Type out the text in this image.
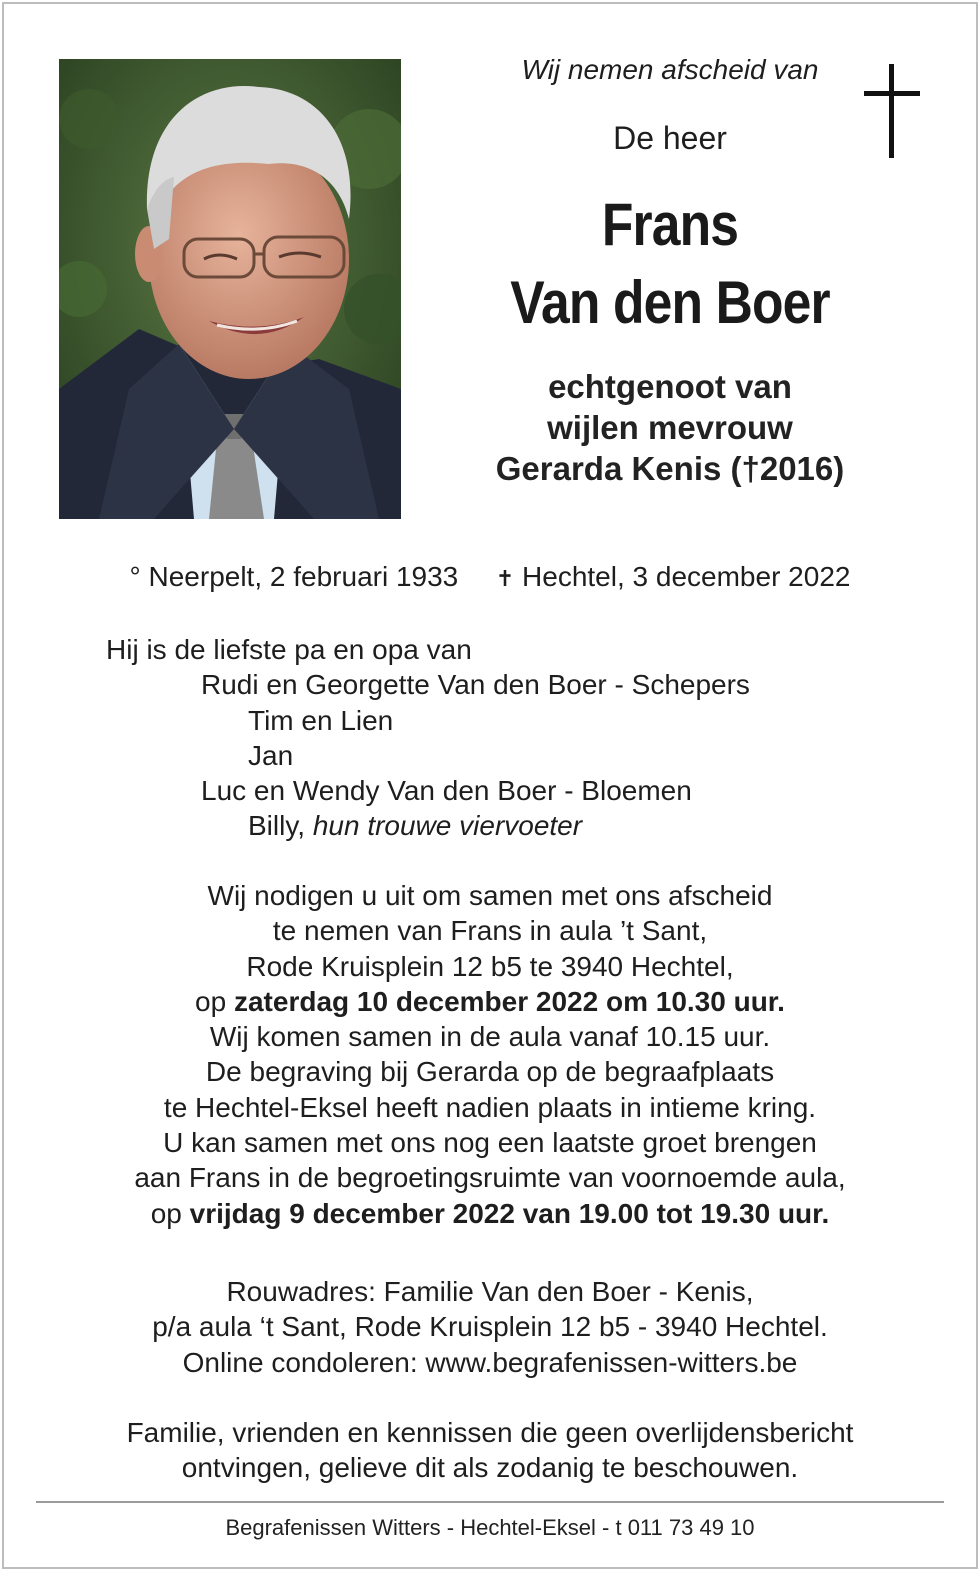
Wij nemen afscheid van
De heer
Frans
Van den Boer
echtgenoot van
wijlen mevrouw
Gerarda Kenis (†2016)
° Neerpelt, 2 februari 1933 ✝ Hechtel, 3 december 2022
Hij is de liefste pa en opa van
Rudi en Georgette Van den Boer - Schepers
Tim en Lien
Jan
Luc en Wendy Van den Boer - Bloemen
Billy, hun trouwe viervoeter
Wij nodigen u uit om samen met ons afscheid
te nemen van Frans in aula ’t Sant,
Rode Kruisplein 12 b5 te 3940 Hechtel,
op zaterdag 10 december 2022 om 10.30 uur.
Wij komen samen in de aula vanaf 10.15 uur.
De begraving bij Gerarda op de begraafplaats
te Hechtel-Eksel heeft nadien plaats in intieme kring.
U kan samen met ons nog een laatste groet brengen
aan Frans in de begroetingsruimte van voornoemde aula,
op vrijdag 9 december 2022 van 19.00 tot 19.30 uur.
Rouwadres: Familie Van den Boer - Kenis,
p/a aula ‘t Sant, Rode Kruisplein 12 b5 - 3940 Hechtel.
Online condoleren: www.begrafenissen-witters.be
Familie, vrienden en kennissen die geen overlijdensbericht
ontvingen, gelieve dit als zodanig te beschouwen.
Begrafenissen Witters - Hechtel-Eksel - t 011 73 49 10
